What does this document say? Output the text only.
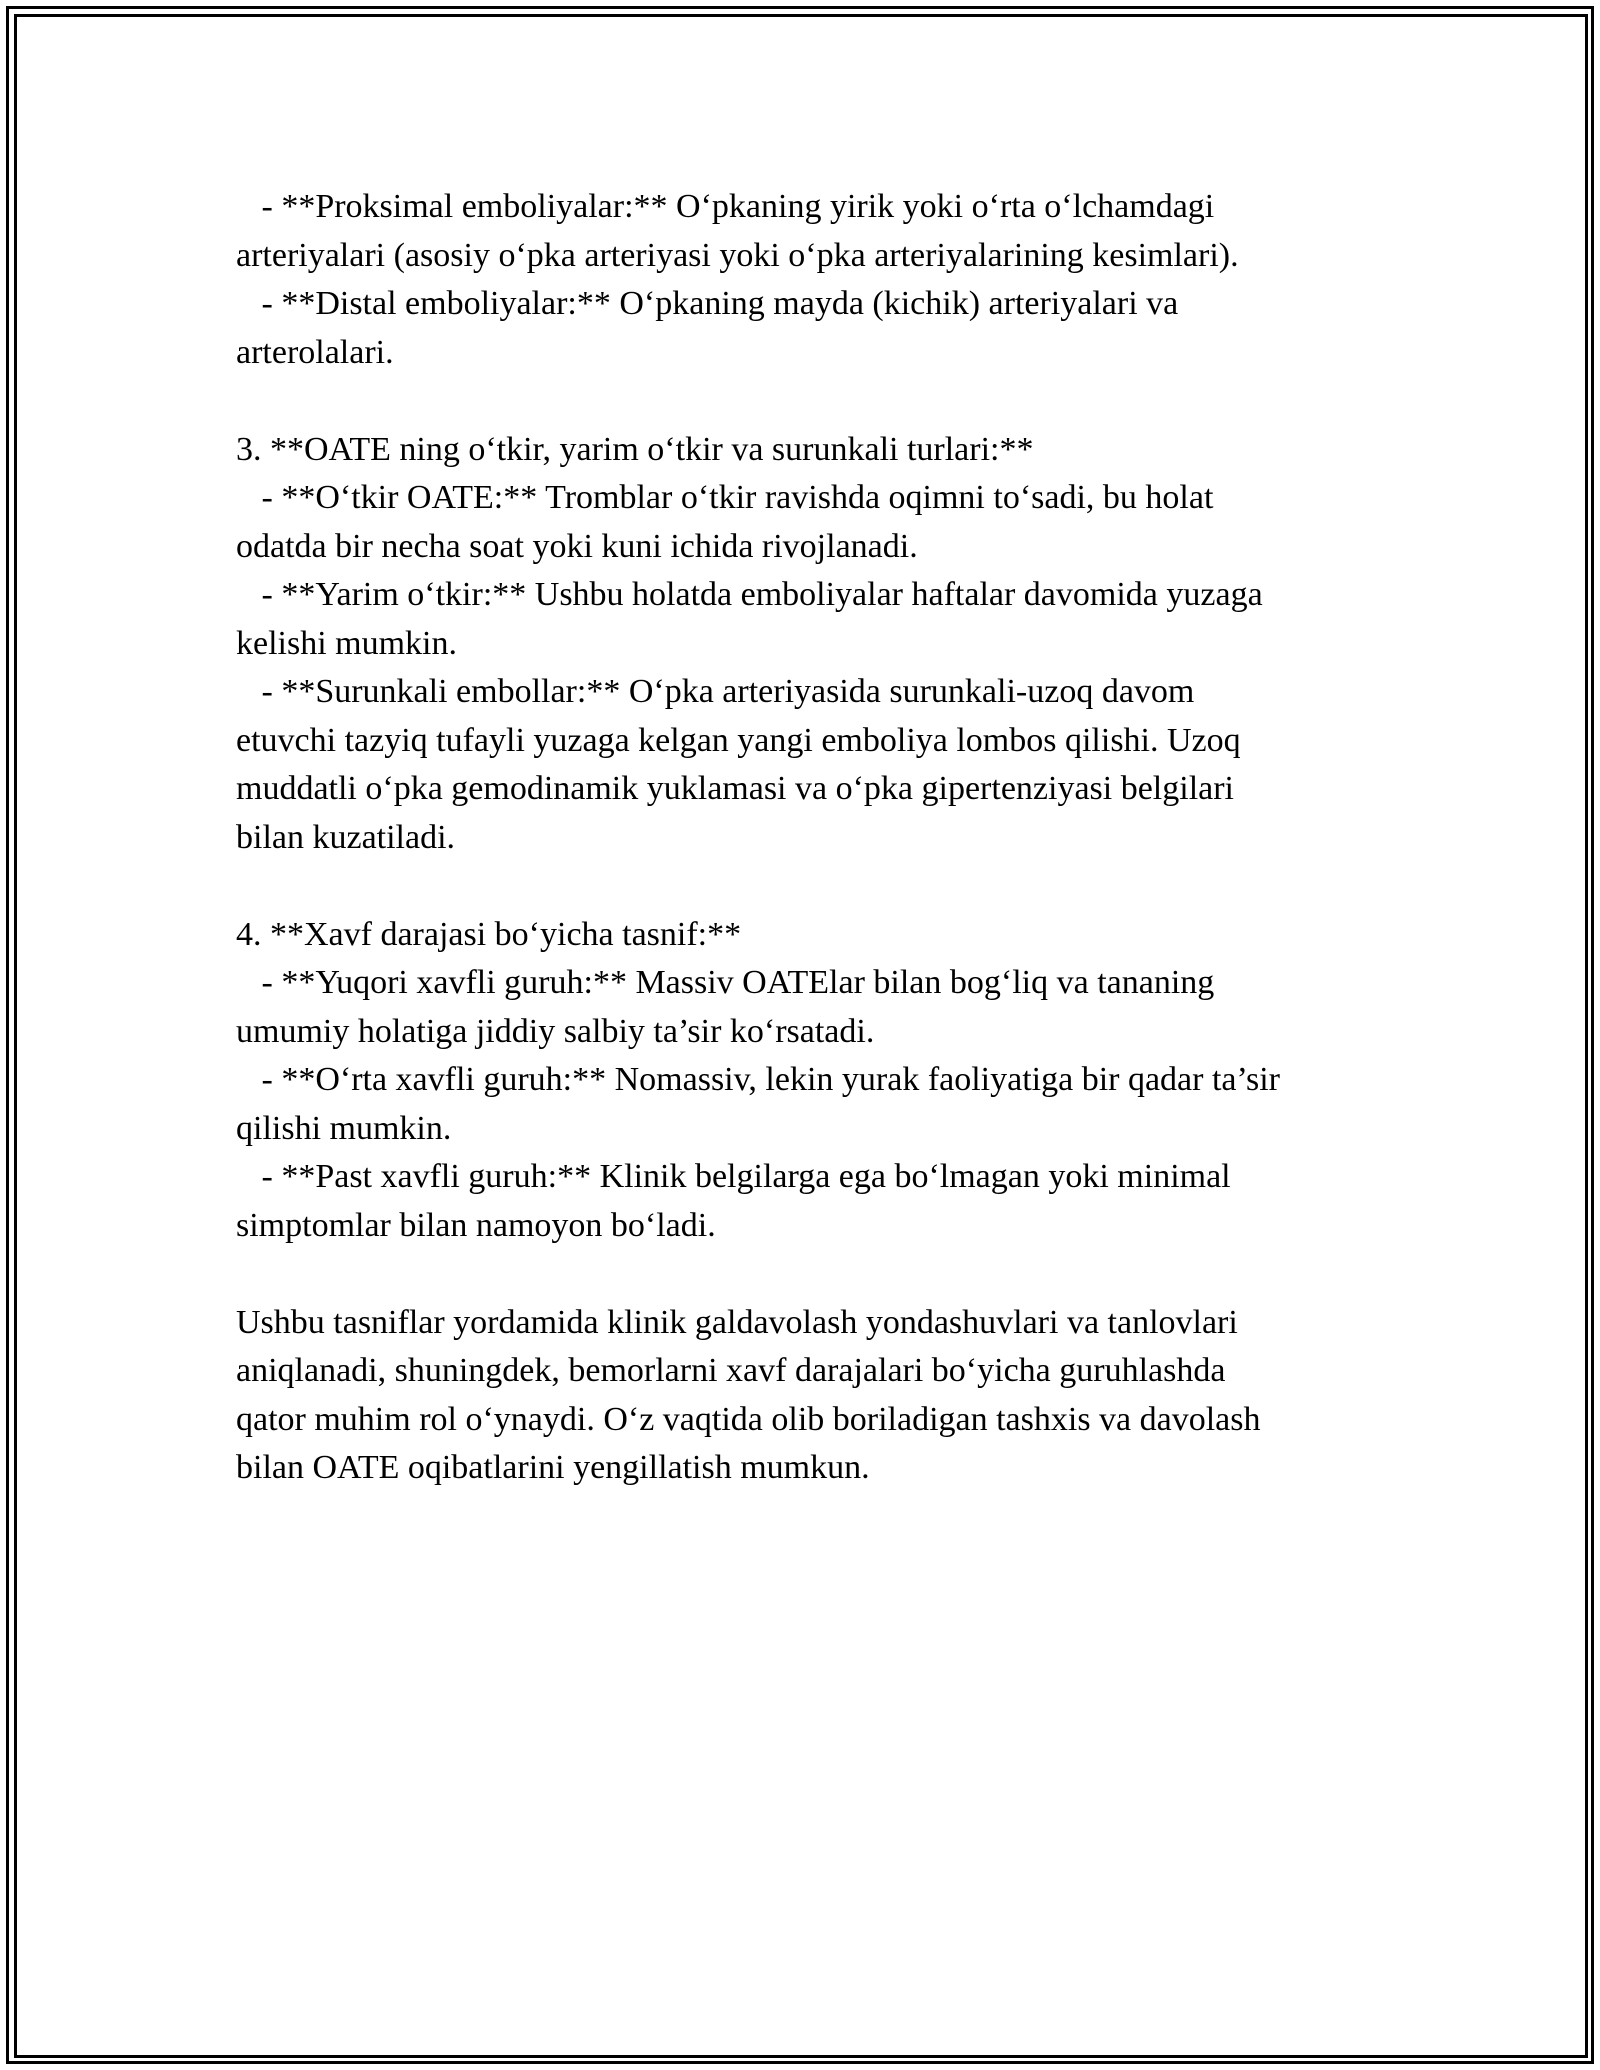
- **Proksimal emboliyalar:** O‘pkaning yirik yoki o‘rta o‘lchamdagi
arteriyalari (asosiy o‘pka arteriyasi yoki o‘pka arteriyalarining kesimlari).
- **Distal emboliyalar:** O‘pkaning mayda (kichik) arteriyalari va
arterolalari.
3. **OATE ning o‘tkir, yarim o‘tkir va surunkali turlari:**
- **O‘tkir OATE:** Tromblar o‘tkir ravishda oqimni to‘sadi, bu holat
odatda bir necha soat yoki kuni ichida rivojlanadi.
- **Yarim o‘tkir:** Ushbu holatda emboliyalar haftalar davomida yuzaga
kelishi mumkin.
- **Surunkali embollar:** O‘pka arteriyasida surunkali-uzoq davom
etuvchi tazyiq tufayli yuzaga kelgan yangi emboliya lombos qilishi. Uzoq
muddatli o‘pka gemodinamik yuklamasi va o‘pka gipertenziyasi belgilari
bilan kuzatiladi.
4. **Xavf darajasi bo‘yicha tasnif:**
- **Yuqori xavfli guruh:** Massiv OATElar bilan bog‘liq va tananing
umumiy holatiga jiddiy salbiy ta’sir ko‘rsatadi.
- **O‘rta xavfli guruh:** Nomassiv, lekin yurak faoliyatiga bir qadar ta’sir
qilishi mumkin.
- **Past xavfli guruh:** Klinik belgilarga ega bo‘lmagan yoki minimal
simptomlar bilan namoyon bo‘ladi.
Ushbu tasniflar yordamida klinik galdavolash yondashuvlari va tanlovlari
aniqlanadi, shuningdek, bemorlarni xavf darajalari bo‘yicha guruhlashda
qator muhim rol o‘ynaydi. O‘z vaqtida olib boriladigan tashxis va davolash
bilan OATE oqibatlarini yengillatish mumkun.
